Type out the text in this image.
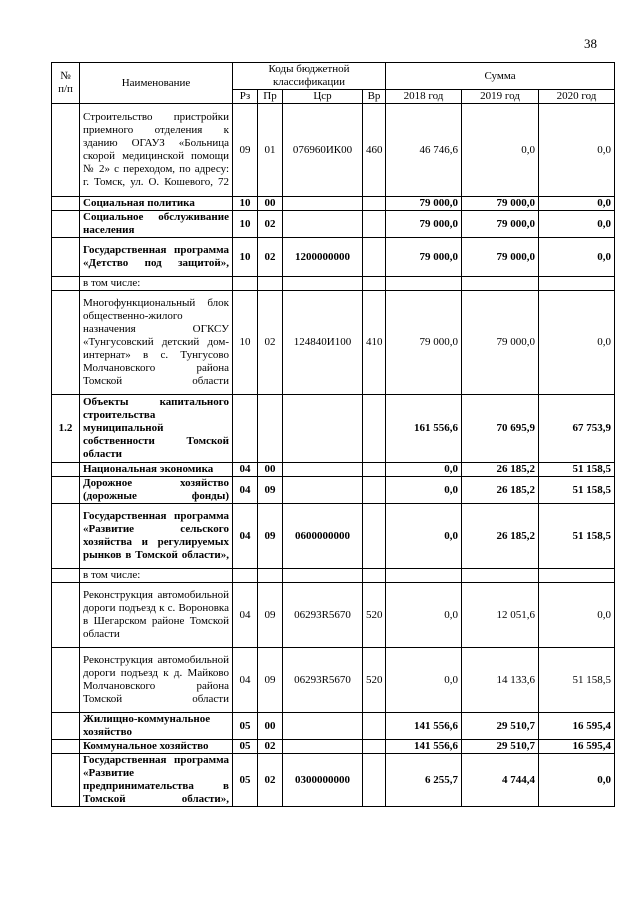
38
№ п/п	Наименование	Коды бюджетной классификации				Сумма		
		Рз	Пр	Цср	Вр	2018 год	2019 год	2020 год
	Строительство пристройки приемного отделения к зданию ОГАУЗ «Больница скорой медицинской помощи № 2» с переходом, по адресу: г. Томск, ул. О. Кошевого, 72	09	01	076960ИК00	460	46 746,6	0,0	0,0
	Социальная политика	10	00			79 000,0	79 000,0	0,0
	Социальное обслуживание населения	10	02			79 000,0	79 000,0	0,0
	Государственная программа «Детство под защитой»,	10	02	1200000000		79 000,0	79 000,0	0,0
	в том числе:							
	Многофункциональный блок общественно-жилого назначения ОГКСУ «Тунгусовский детский дом-интернат» в с. Тунгусово Молчановского района Томской области	10	02	124840И100	410	79 000,0	79 000,0	0,0
1.2	Объекты капитального строительства муниципальной собственности Томской области					161 556,6	70 695,9	67 753,9
	Национальная экономика	04	00			0,0	26 185,2	51 158,5
	Дорожное хозяйство (дорожные фонды)	04	09			0,0	26 185,2	51 158,5
	Государственная программа «Развитие сельского хозяйства и регулируемых рынков в Томской области»,	04	09	0600000000		0,0	26 185,2	51 158,5
	в том числе:							
	Реконструкция автомобильной дороги подъезд к с. Вороновка в Шегарском районе Томской области	04	09	06293R5670	520	0,0	12 051,6	0,0
	Реконструкция автомобильной дороги подъезд к д. Майково Молчановского района Томской области	04	09	06293R5670	520	0,0	14 133,6	51 158,5
	Жилищно-коммунальное хозяйство	05	00			141 556,6	29 510,7	16 595,4
	Коммунальное хозяйство	05	02			141 556,6	29 510,7	16 595,4
	Государственная программа «Развитие предпринимательства в Томской области»,	05	02	0300000000		6 255,7	4 744,4	0,0
